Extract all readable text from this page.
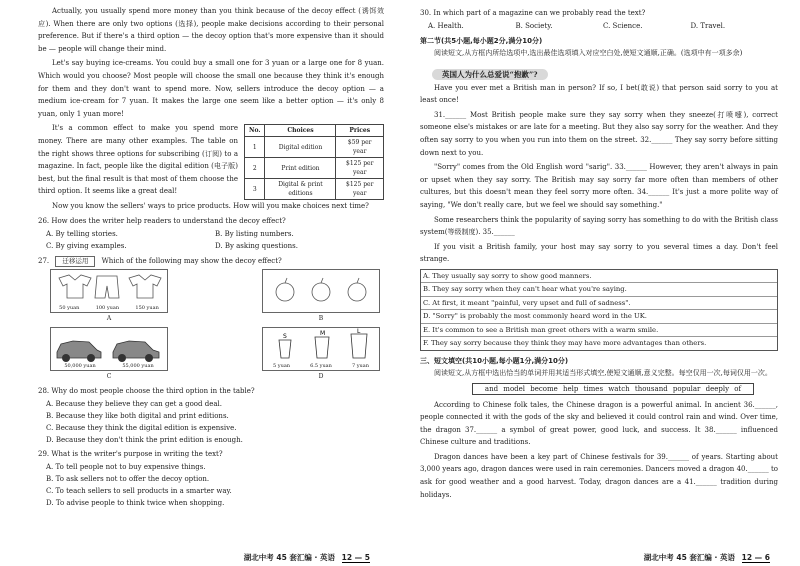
Actually, you usually spend more money than you think because of the decoy effect (诱饵效应). When there are only two options (选择), people make decisions according to their personal preference. But if there's a third option — the decoy option that's more expensive than it should be — people will change their mind.

Let's say buying ice-creams. You could buy a small one for 3 yuan or a large one for 8 yuan. Which would you choose? Most people will choose the small one because they think it's enough for them and they don't want to spend more. Now, sellers introduce the decoy option — a medium ice-cream for 7 yuan. It makes the large one seem like a better option — it's only 8 yuan, only 1 yuan more!

It's a common effect to make you spend more money. There are many other examples. The table on the right shows three options for subscribing (订阅) to a magazine. In fact, people like the digital edition (电子版) best, but the final result is that most of them choose the third option. It seems like a great deal!

No.	Choices	Prices
1	Digital edition	$59 per year
2	Print edition	$125 per year
3	Digital & print editions	$125 per year

Now you know the sellers' ways to price products. How will you make choices next time?

26. How does the writer help readers to understand the decoy effect?

A. By telling stories.	B. By listing numbers.
C. By giving examples.	D. By asking questions.

27. 迁移运用 Which of the following may show the decoy effect?

50 yuan	100 yuan	150 yuan
A	B
50,000 yuan	55,000 yuan
C
S	M	L
5 yuan	6.5 yuan	7 yuan
D

28. Why do most people choose the third option in the table?

A. Because they believe they can get a good deal.

B. Because they like both digital and print editions.

C. Because they think the digital edition is expensive.

D. Because they don't think the print edition is enough.

29. What is the writer's purpose in writing the text?

A. To tell people not to buy expensive things.

B. To ask sellers not to offer the decoy option.

C. To teach sellers to sell products in a smarter way.

D. To advise people to think twice when shopping.

湖北中考 45 套汇编 · 英语 12 — 5

30. In which part of a magazine can we probably read the text?

A. Health.	B. Society.	C. Science.	D. Travel.

第二节(共5小题,每小题2分,满分10分)

阅读短文,从方框内所给选项中,选出最佳选项填入对应空白处,使短文通顺,正确。(选项中有一项多余)

英国人为什么总爱说“抱歉”?

Have you ever met a British man in person? If so, I bet(敢说) that person said sorry to you at least once!

31.______ Most British people make sure they say sorry when they sneeze(打喷嚏), correct someone else's mistakes or are late for a meeting. But they also say sorry for the weather. And they often say sorry to you when you run into them on the street. 32.______ They say sorry before sitting down next to you.

"Sorry" comes from the Old English word "sarig". 33.______ However, they aren't always in pain or upset when they say sorry. The British may say sorry far more often than members of other cultures, but this doesn't mean they feel sorry more often. 34.______ It's just a more polite way of saying, "We don't really care, but we feel we should say something."

Some researchers think the popularity of saying sorry has something to do with the British class system(等级制度). 35.______

If you visit a British family, your host may say sorry to you several times a day. Don't feel strange.

A. They usually say sorry to show good manners.
B. They say sorry when they can't hear what you're saying.
C. At first, it meant "painful, very upset and full of sadness".
D. "Sorry" is probably the most commonly heard word in the UK.
E. It's common to see a British man greet others with a warm smile.
F. They say sorry because they think they may have more advantages than others.

三、短文填空(共10小题,每小题1分,满分10分)

阅读短文,从方框中选出恰当的单词并用其适当形式填空,使短文通顺,意义完整。每空仅用一次,每词仅用一次。

and model become help times watch thousand popular deeply of

According to Chinese folk tales, the Chinese dragon is a powerful animal. In ancient 36.______, people connected it with the gods of the sky and believed it could control rain and wind. Over time, the dragon 37.______ a symbol of great power, good luck, and success. It 38.______ influenced Chinese culture and traditions.

Dragon dances have been a key part of Chinese festivals for 39.______ of years. Starting about 3,000 years ago, dragon dances were used in rain ceremonies. Dancers moved a dragon 40.______ to ask for good weather and a good harvest. Today, dragon dances are a 41.______ tradition during holidays.

湖北中考 45 套汇编 · 英语 12 — 6
